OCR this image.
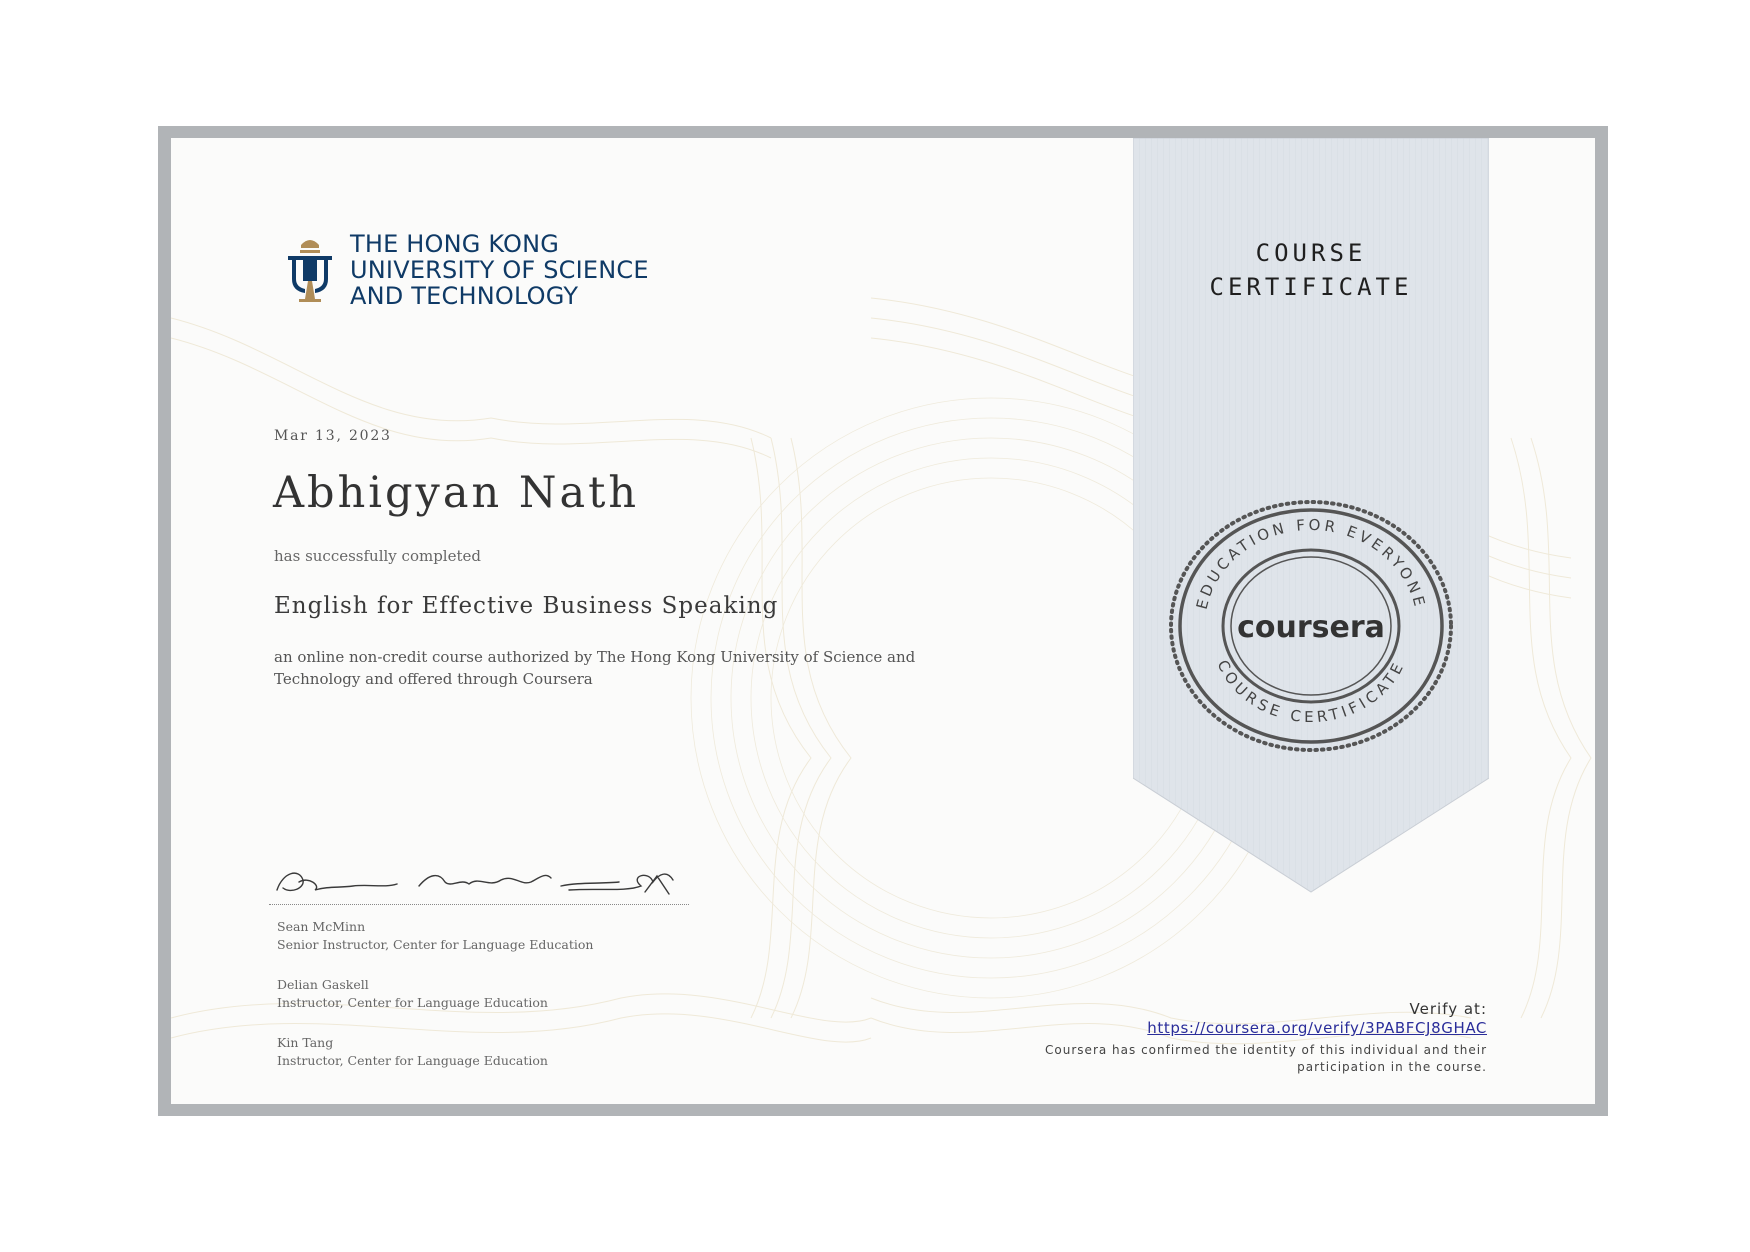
THE HONG KONG
UNIVERSITY OF SCIENCE
AND TECHNOLOGY
Mar 13, 2023
Abhigyan Nath
has successfully completed
English for Effective Business Speaking
an online non-credit course authorized by The Hong Kong University of Science and Technology and offered through Coursera
Sean McMinn
Senior Instructor, Center for Language Education
Delian Gaskell
Instructor, Center for Language Education
Kin Tang
Instructor, Center for Language Education
COURSE
CERTIFICATE
EDUCATION FOR EVERYONE
COURSE CERTIFICATE
coursera
Verify at:
https://coursera.org/verify/3PABFCJ8GHAC
Coursera has confirmed the identity of this individual and their participation in the course.
